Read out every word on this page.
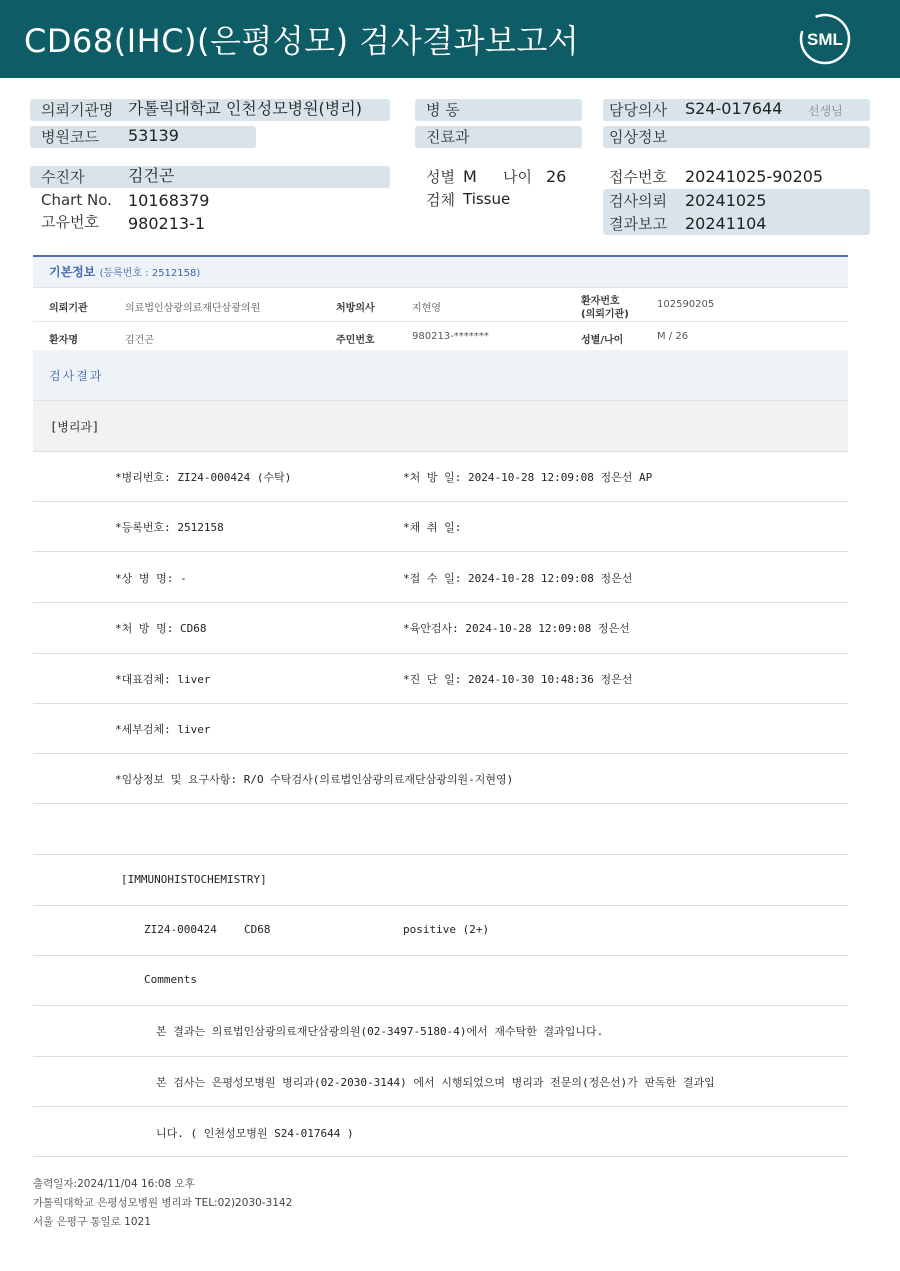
CD68(IHC)(은평성모) 검사결과보고서	SML
의뢰기관명 가톨릭대학교 인천성모병원(병리)
병원코드 53139
병 동
진료과
담당의사 S24-017644 선생님
임상정보
수진자	김건곤
Chart No. 10168379
고유번호 980213-1
성별 M 나이 26
검체 Tissue
접수번호 20241025-90205
검사의뢰 20241025
결과보고 20241104
기본정보 (등록번호 : 2512158)
의뢰기관	의료법인삼광의료재단삼광의원	처방의사	지현영
환자번호
(의뢰기관)
102590205
환자명	김건곤	주민번호	980213-*******	성별/나이	M / 26
검사결과
[병리과]
*병리번호: ZI24-000424 (수탁)	*처 방 일: 2024-10-28 12:09:08 정은선 AP
*등록번호: 2512158	*채 취 일:
*상 병 명: -	*접 수 일: 2024-10-28 12:09:08 정은선
*처 방 명: CD68	*육안검사: 2024-10-28 12:09:08 정은선
*대표검체: liver	*진 단 일: 2024-10-30 10:48:36 정은선
*세부검체: liver
*임상정보 및 요구사항: R/O 수탁검사(의료법인삼광의료재단삼광의원-지현영)
[IMMUNOHISTOCHEMISTRY]
ZI24-000424 CD68	positive (2+)
Comments
본 결과는 의료법인삼광의료재단삼광의원(02-3497-5180-4)에서 재수탁한 결과입니다.
본 검사는 은평성모병원 병리과(02-2030-3144) 에서 시행되었으며 병리과 전문의(정은선)가 판독한 결과입
니다. ( 인천성모병원 S24-017644 )
출력일자:2024/11/04 16:08 오후
가톨릭대학교 은평성모병원 병리과 TEL:02)2030-3142
서울 은평구 통일로 1021
